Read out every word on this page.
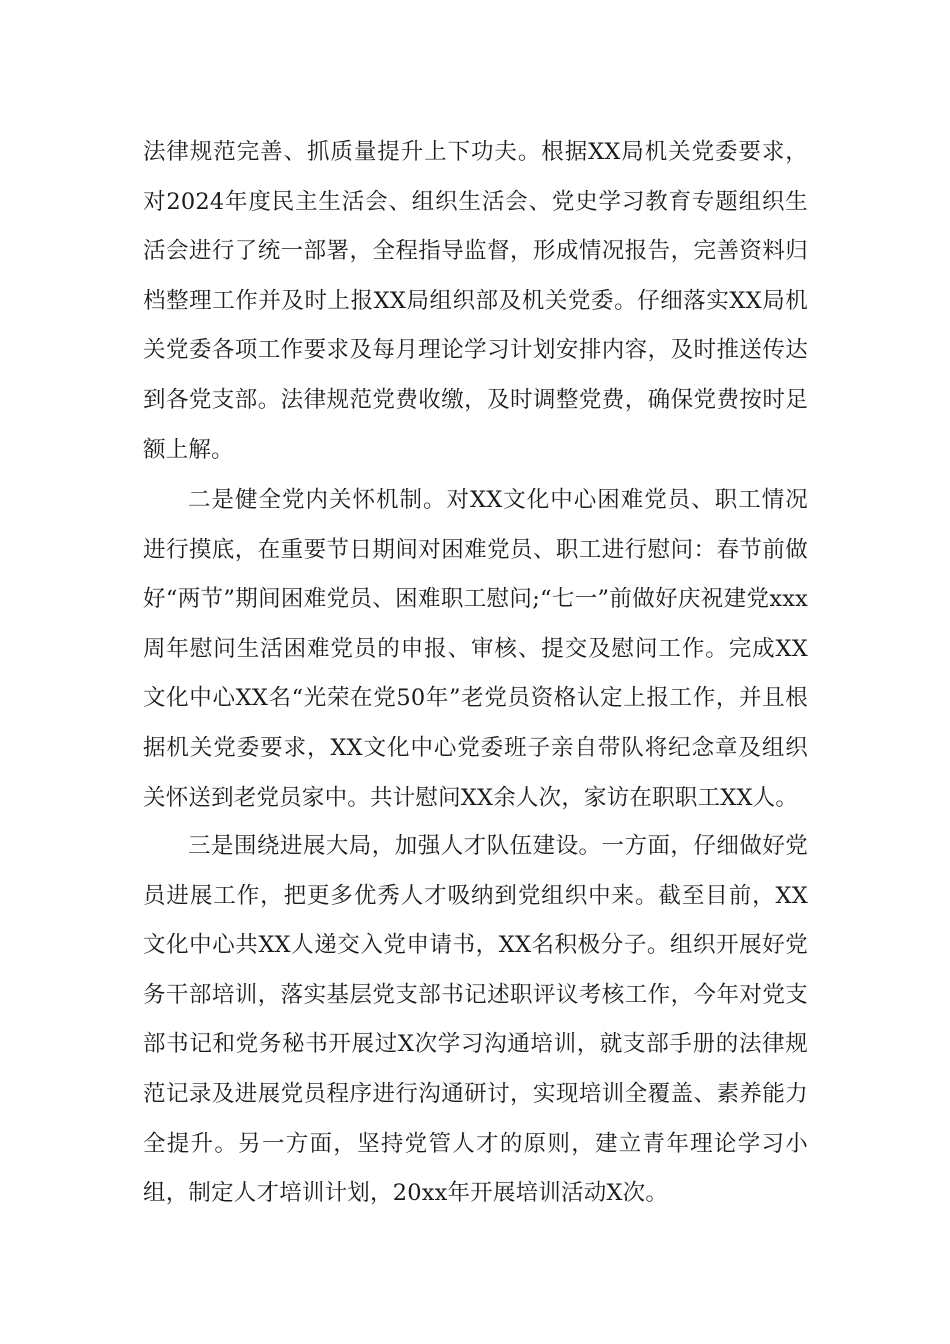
法律规范完善、抓质量提升上下功夫。根据XX局机关党委要求，对2024年度民主生活会、组织生活会、党史学习教育专题组织生活会进行了统一部署，全程指导监督，形成情况报告，完善资料归档整理工作并及时上报XX局组织部及机关党委。仔细落实XX局机关党委各项工作要求及每月理论学习计划安排内容，及时推送传达到各党支部。法律规范党费收缴，及时调整党费，确保党费按时足额上解。

二是健全党内关怀机制。对XX文化中心困难党员、职工情况进行摸底，在重要节日期间对困难党员、职工进行慰问：春节前做好“两节”期间困难党员、困难职工慰问;“七一”前做好庆祝建党xxx周年慰问生活困难党员的申报、审核、提交及慰问工作。完成XX文化中心XX名“光荣在党50年”老党员资格认定上报工作，并且根据机关党委要求，XX文化中心党委班子亲自带队将纪念章及组织关怀送到老党员家中。共计慰问XX余人次，家访在职职工XX人。

三是围绕进展大局，加强人才队伍建设。一方面，仔细做好党员进展工作，把更多优秀人才吸纳到党组织中来。截至目前，XX文化中心共XX人递交入党申请书，XX名积极分子。组织开展好党务干部培训，落实基层党支部书记述职评议考核工作，今年对党支部书记和党务秘书开展过X次学习沟通培训，就支部手册的法律规范记录及进展党员程序进行沟通研讨，实现培训全覆盖、素养能力全提升。另一方面，坚持党管人才的原则，建立青年理论学习小组，制定人才培训计划，20xx年开展培训活动X次。
